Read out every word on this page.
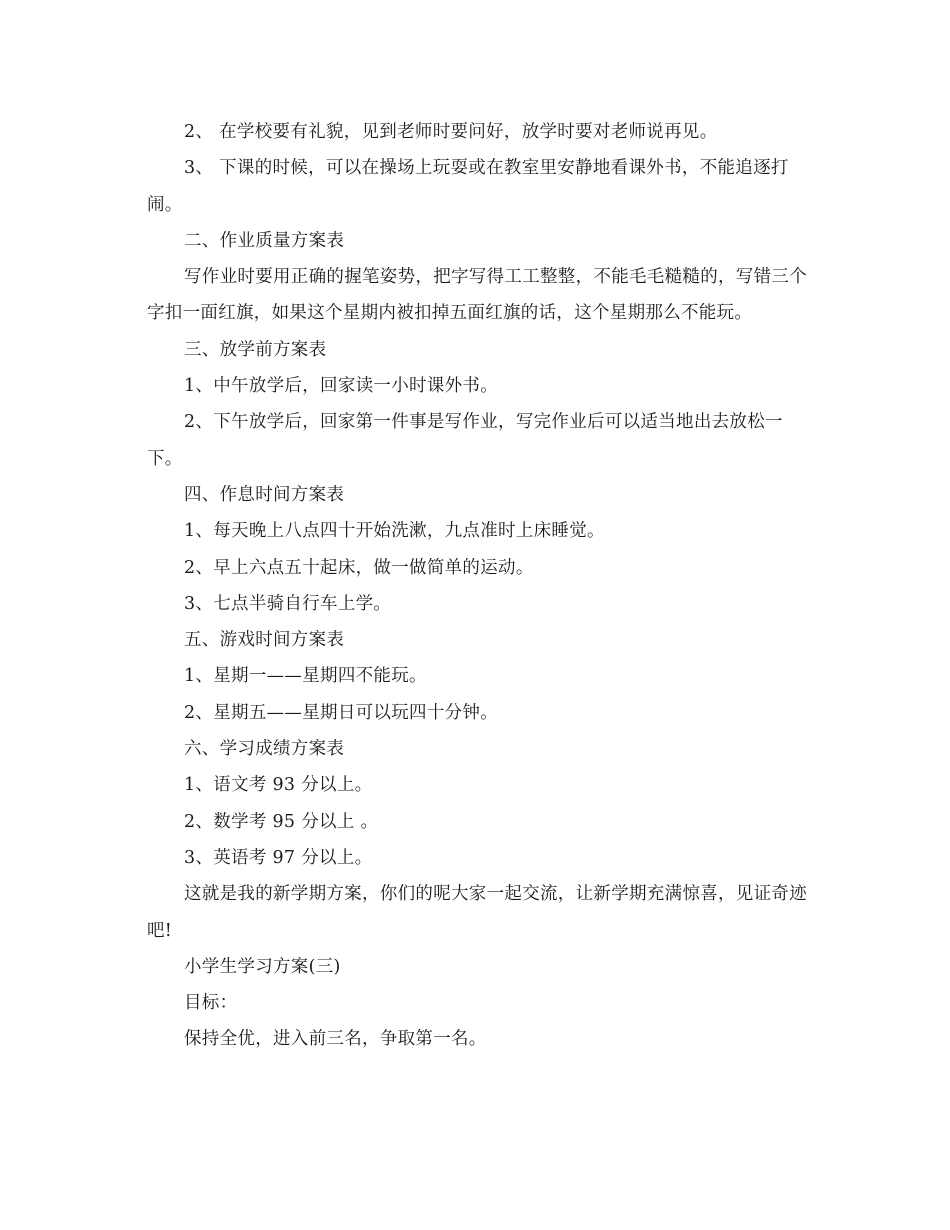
2、 在学校要有礼貌，见到老师时要问好，放学时要对老师说再见。

3、 下课的时候，可以在操场上玩耍或在教室里安静地看课外书，不能追逐打闹。

二、作业质量方案表

写作业时要用正确的握笔姿势，把字写得工工整整，不能毛毛糙糙的，写错三个字扣一面红旗，如果这个星期内被扣掉五面红旗的话，这个星期那么不能玩。

三、放学前方案表

1、中午放学后，回家读一小时课外书。

2、下午放学后，回家第一件事是写作业，写完作业后可以适当地出去放松一下。

四、作息时间方案表

1、每天晚上八点四十开始洗漱，九点准时上床睡觉。

2、早上六点五十起床，做一做简单的运动。

3、七点半骑自行车上学。

五、游戏时间方案表

1、星期一——星期四不能玩。

2、星期五——星期日可以玩四十分钟。

六、学习成绩方案表

1、语文考 93 分以上。

2、数学考 95 分以上 。

3、英语考 97 分以上。

这就是我的新学期方案，你们的呢大家一起交流，让新学期充满惊喜，见证奇迹吧!

小学生学习方案(三)

目标：

保持全优，进入前三名，争取第一名。
